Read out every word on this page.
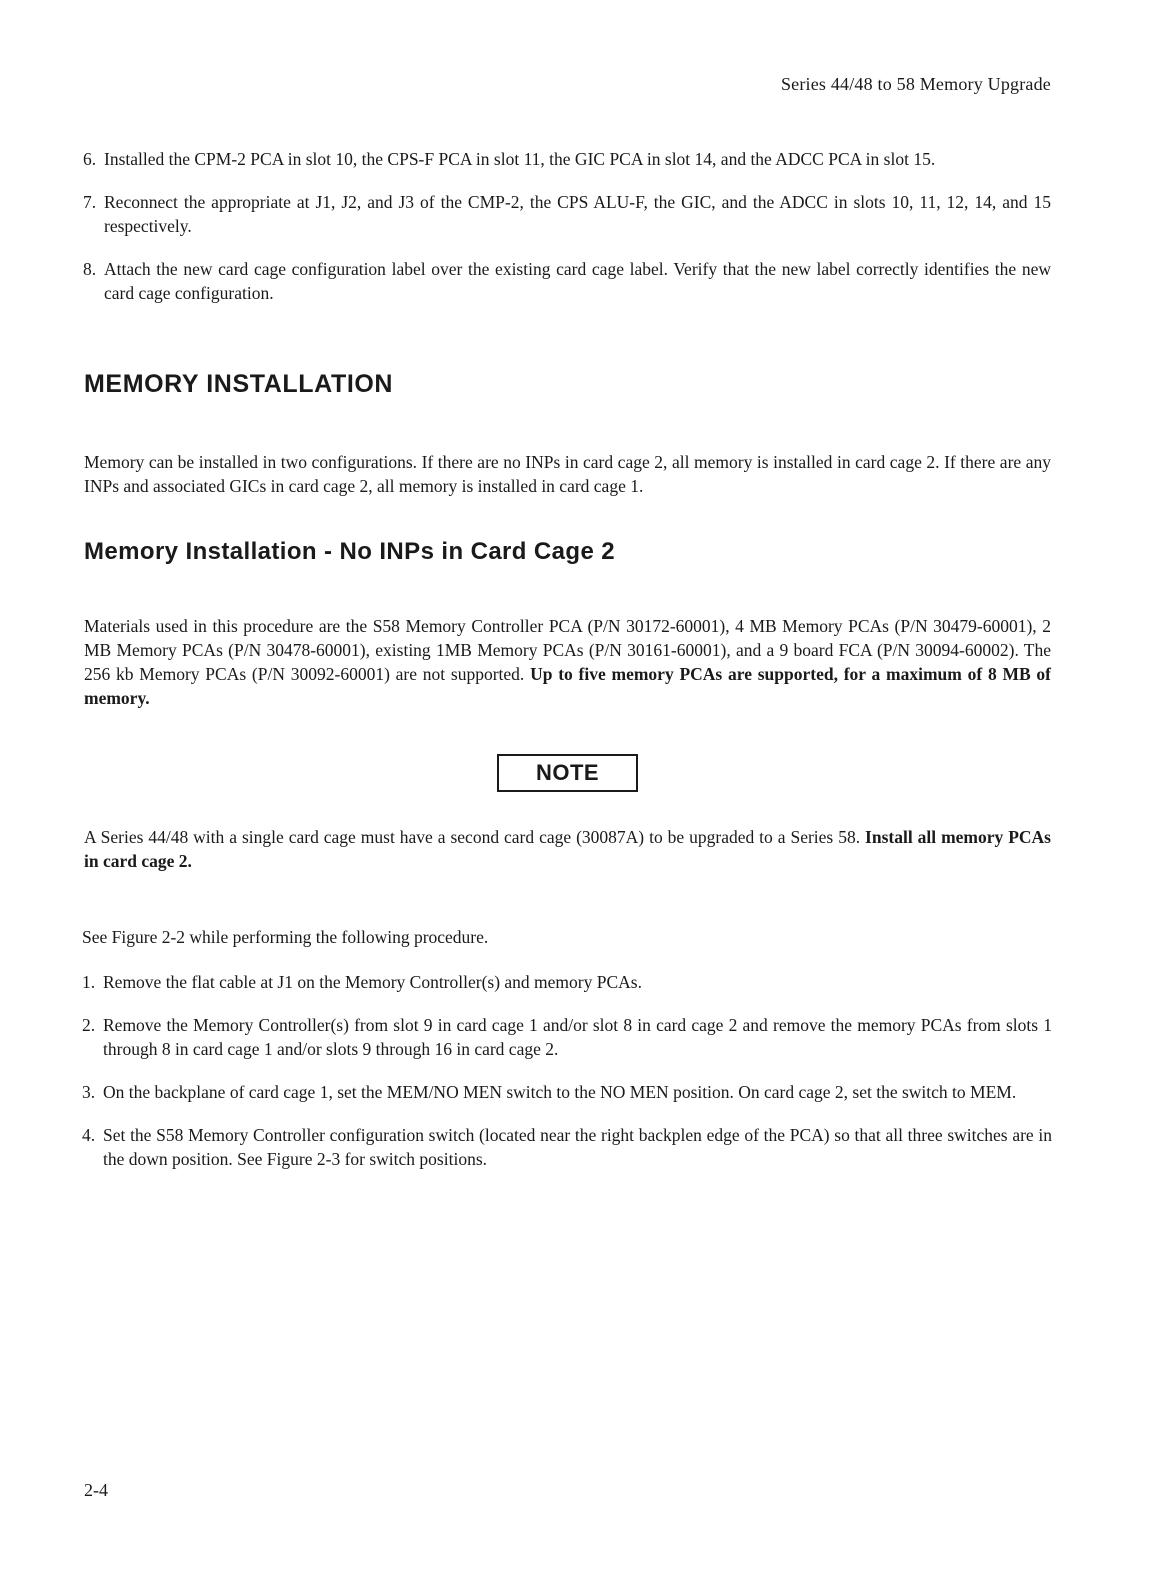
Series 44/48 to 58 Memory Upgrade
6. Installed the CPM-2 PCA in slot 10, the CPS-F PCA in slot 11, the GIC PCA in slot 14, and the ADCC PCA in slot 15.
7. Reconnect the appropriate at J1, J2, and J3 of the CMP-2, the CPS ALU-F, the GIC, and the ADCC in slots 10, 11, 12, 14, and 15 respectively.
8. Attach the new card cage configuration label over the existing card cage label. Verify that the new label correctly identifies the new card cage configuration.
MEMORY INSTALLATION

Memory can be installed in two configurations. If there are no INPs in card cage 2, all memory is installed in card cage 2. If there are any INPs and associated GICs in card cage 2, all memory is installed in card cage 1.

Memory Installation - No INPs in Card Cage 2

Materials used in this procedure are the S58 Memory Controller PCA (P/N 30172-60001), 4 MB Memory PCAs (P/N 30479-60001), 2 MB Memory PCAs (P/N 30478-60001), existing 1MB Memory PCAs (P/N 30161-60001), and a 9 board FCA (P/N 30094-60002). The 256 kb Memory PCAs (P/N 30092-60001) are not supported. Up to five memory PCAs are supported, for a maximum of 8 MB of memory.

NOTE

A Series 44/48 with a single card cage must have a second card cage (30087A) to be upgraded to a Series 58. Install all memory PCAs in card cage 2.

See Figure 2-2 while performing the following procedure.

1. Remove the flat cable at J1 on the Memory Controller(s) and memory PCAs.
2. Remove the Memory Controller(s) from slot 9 in card cage 1 and/or slot 8 in card cage 2 and remove the memory PCAs from slots 1 through 8 in card cage 1 and/or slots 9 through 16 in card cage 2.
3. On the backplane of card cage 1, set the MEM/NO MEN switch to the NO MEN position. On card cage 2, set the switch to MEM.
4. Set the S58 Memory Controller configuration switch (located near the right backplen edge of the PCA) so that all three switches are in the down position. See Figure 2-3 for switch positions.
2-4
